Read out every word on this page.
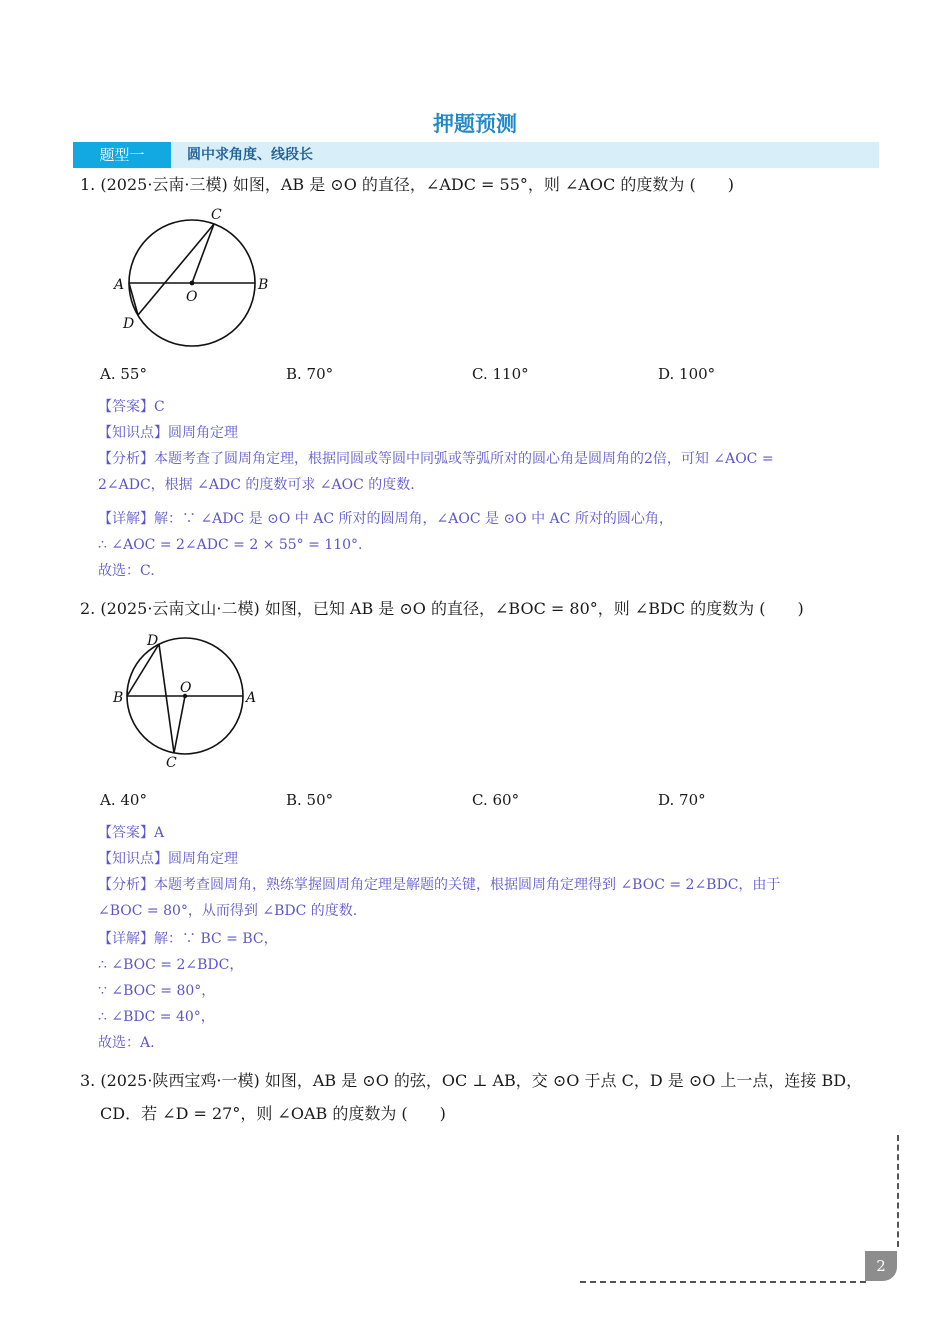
押题预测
题型一	圆中求角度、线段长
1. (2025·云南·三模) 如图，AB 是 ⊙O 的直径，∠ADC = 55°，则 ∠AOC 的度数为 (　　)
C
A
O
B
D
A. 55°	B. 70°	C. 110°	D. 100°
【答案】C
【知识点】圆周角定理
【分析】本题考查了圆周角定理，根据同圆或等圆中同弧或等弧所对的圆心角是圆周角的2倍，可知 ∠AOC =
2∠ADC，根据 ∠ADC 的度数可求 ∠AOC 的度数.
【详解】解：∵ ∠ADC 是 ⊙O 中 AC 所对的圆周角，∠AOC 是 ⊙O 中 AC 所对的圆心角，
∴ ∠AOC = 2∠ADC = 2 × 55° = 110°.
故选：C.
2. (2025·云南文山·二模) 如图，已知 AB 是 ⊙O 的直径，∠BOC = 80°，则 ∠BDC 的度数为 (　　)
D
B
O
A
C
A. 40°	B. 50°	C. 60°	D. 70°
【答案】A
【知识点】圆周角定理
【分析】本题考查圆周角，熟练掌握圆周角定理是解题的关键，根据圆周角定理得到 ∠BOC = 2∠BDC，由于
∠BOC = 80°，从而得到 ∠BDC 的度数.
【详解】解：∵ BC = BC，
∴ ∠BOC = 2∠BDC，
∵ ∠BOC = 80°，
∴ ∠BDC = 40°，
故选：A.
3. (2025·陕西宝鸡·一模) 如图，AB 是 ⊙O 的弦，OC ⊥ AB，交 ⊙O 于点 C，D 是 ⊙O 上一点，连接 BD，
CD．若 ∠D = 27°，则 ∠OAB 的度数为 (　　)
2
